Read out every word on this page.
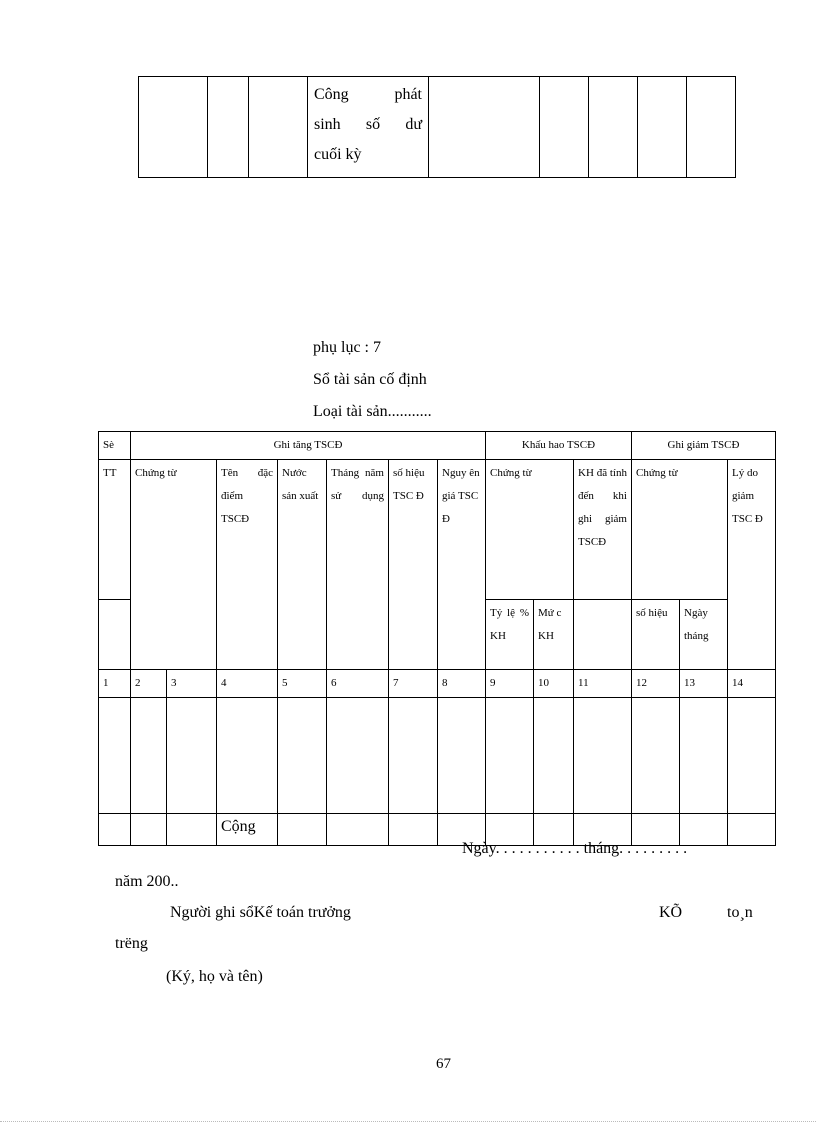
Công phát
sinh số dư
cuối kỳ

phụ lục : 7
Sổ tài sản cố định
Loại tài sản...........
Sè	Ghi tăng TSCĐ							Khấu hao TSCĐ			Ghi giảm TSCĐ		
TT	Chứng từ		Tên đặc điểm TSCĐ	Nước sản xuất	Tháng năm sử dụng	số hiệu TSC Đ	Nguy ên giá TSC Đ	Chứng từ		KH đã tính đến khi ghi giảm TSCĐ	Chứng từ		Lý do giảm TSC Đ

								Tỷ lệ % KH	Mứ c KH		số hiệu	Ngày tháng	
1	2	3	4	5	6	7	8	9	10	11	12	13	14

			Cộng										
Ngày. . . . . . . . . . . tháng. . . . . . . . .
năm 200..
Người ghi sổKế toán trưởng	KÕ	to¸n
trëng
(Ký, họ và tên)
67
